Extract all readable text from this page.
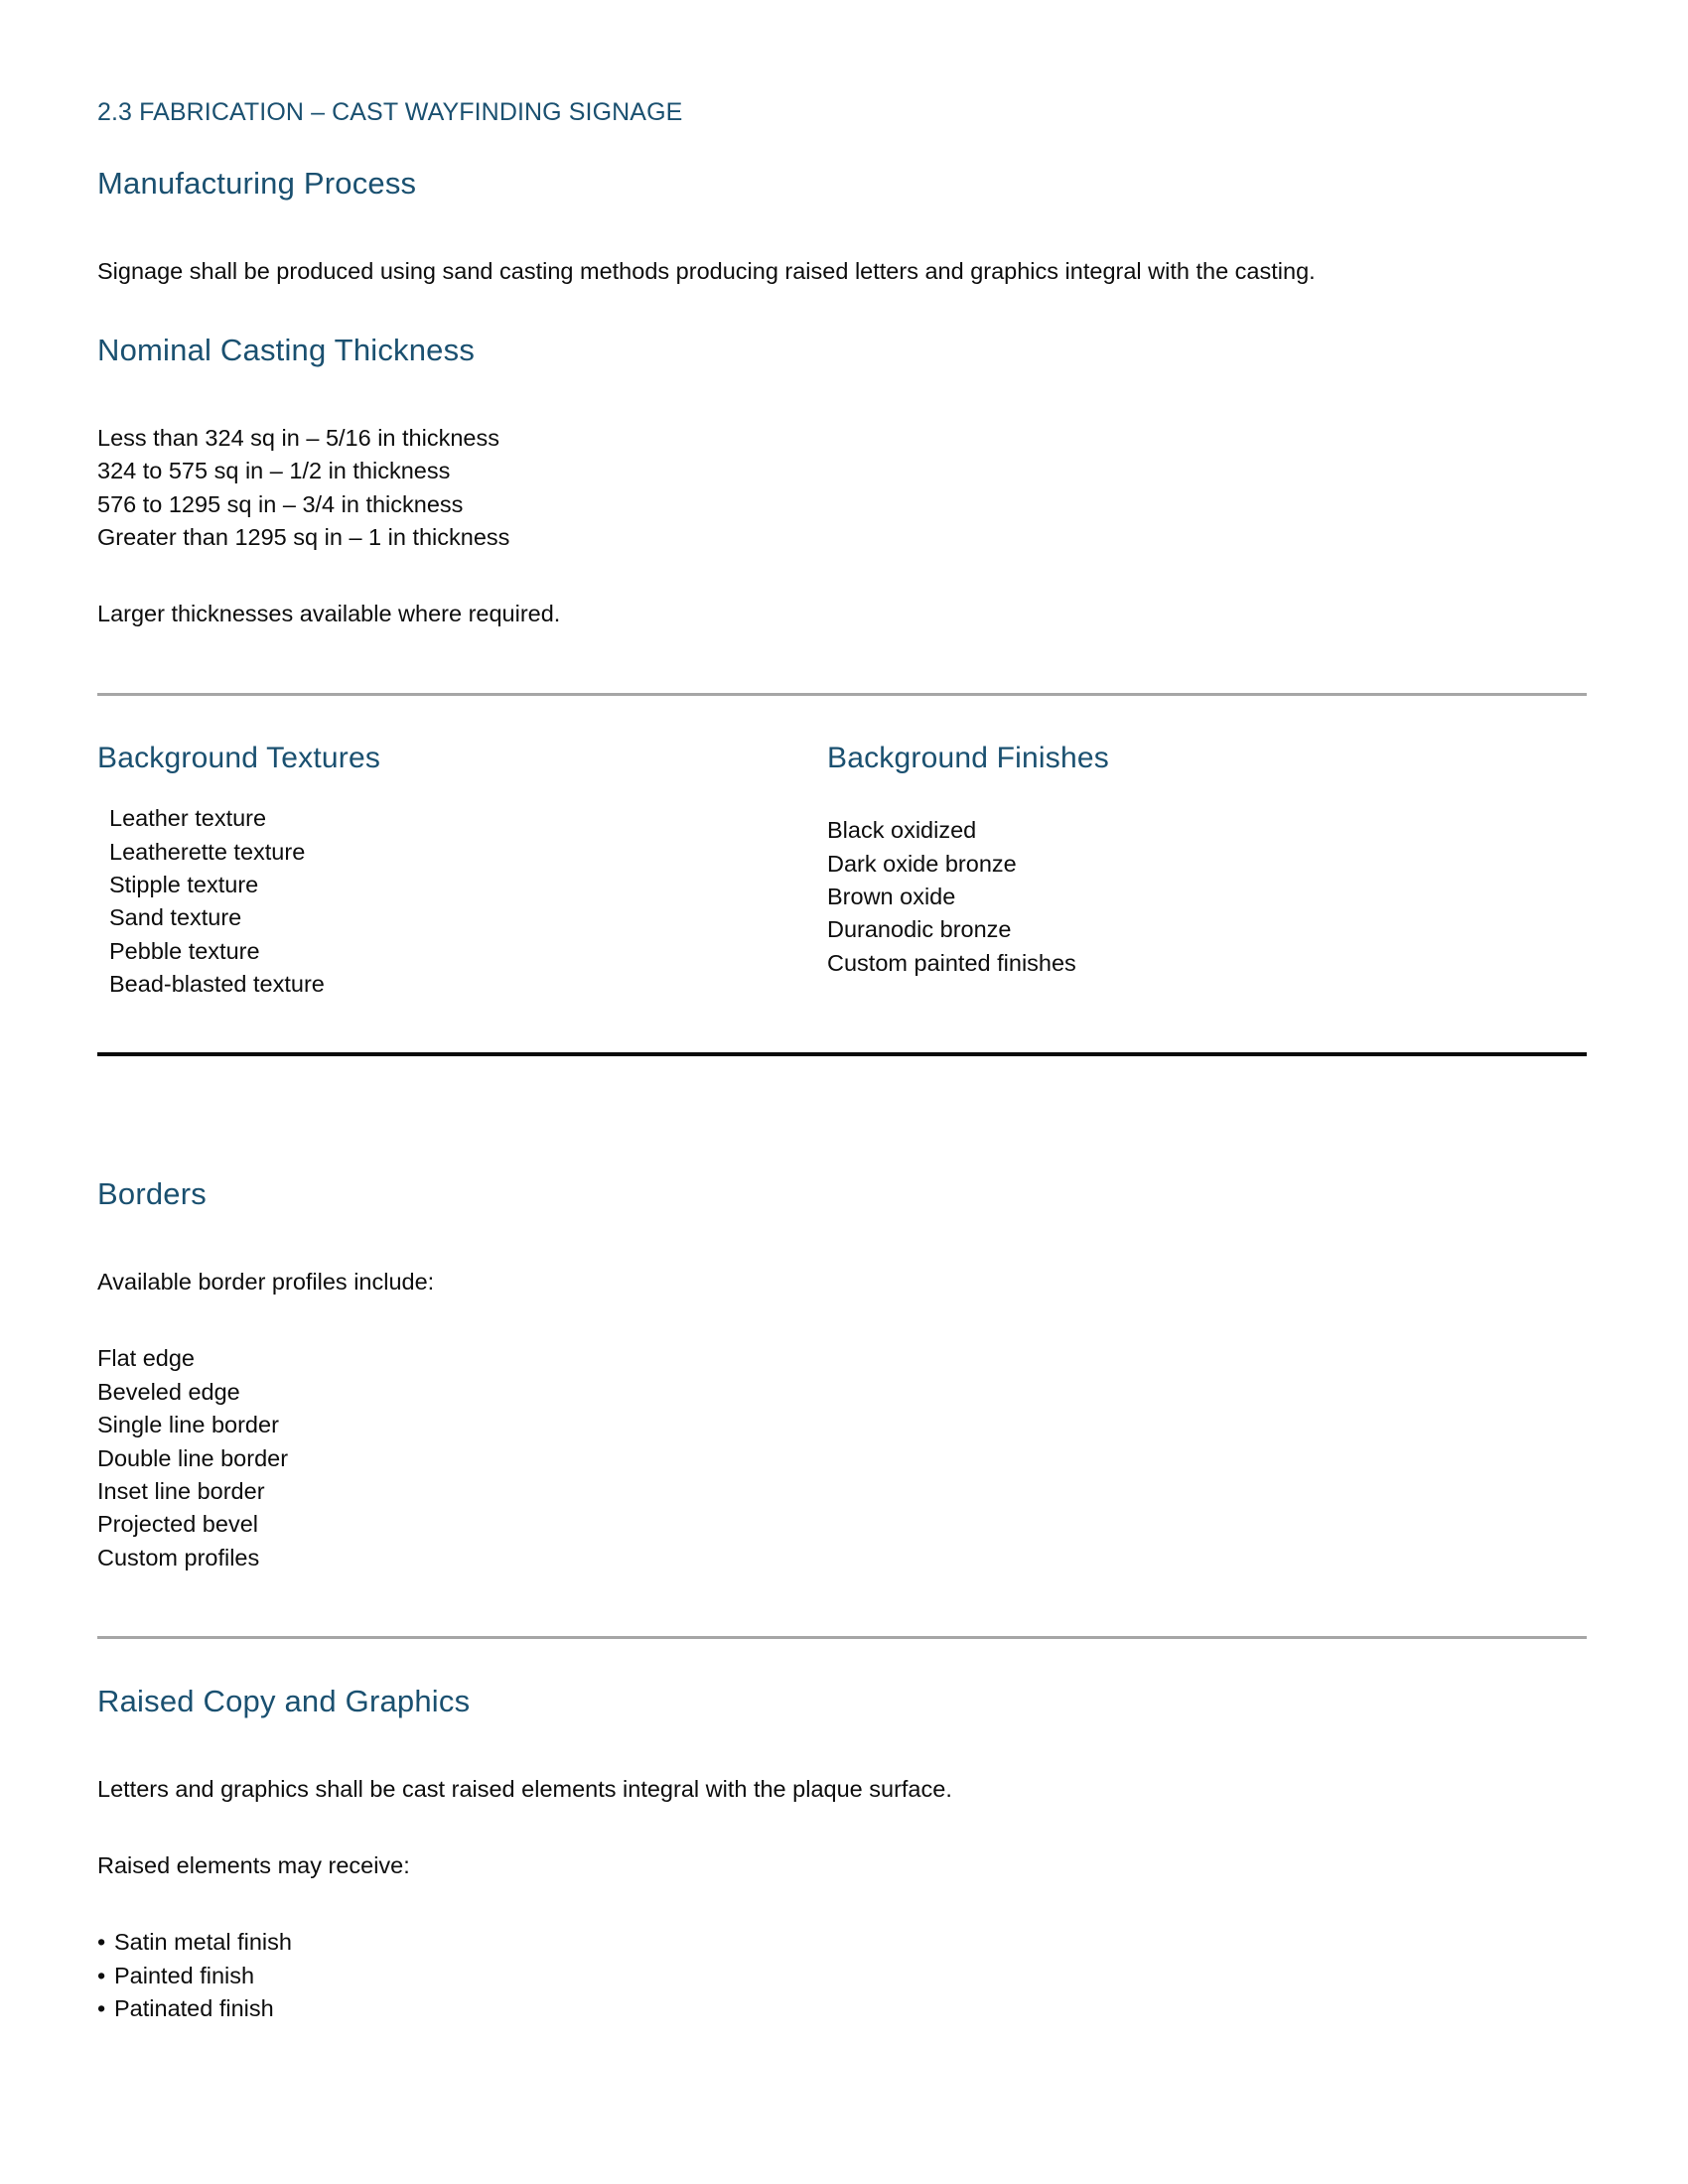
2.3 FABRICATION – CAST WAYFINDING SIGNAGE
Manufacturing Process

Signage shall be produced using sand casting methods producing raised letters and graphics integral with the casting.

Nominal Casting Thickness
Less than 324 sq in – 5/16 in thickness
324 to 575 sq in – 1/2 in thickness
576 to 1295 sq in – 3/4 in thickness
Greater than 1295 sq in – 1 in thickness

Larger thicknesses available where required.

Background Textures
Leather texture
Leatherette texture
Stipple texture
Sand texture
Pebble texture
Bead-blasted texture
Background Finishes
Black oxidized
Dark oxide bronze
Brown oxide
Duranodic bronze
Custom painted finishes
Borders

Available border profiles include:

Flat edge
Beveled edge
Single line border
Double line border
Inset line border
Projected bevel
Custom profiles
Raised Copy and Graphics

Letters and graphics shall be cast raised elements integral with the plaque surface.

Raised elements may receive:

• Satin metal finish
• Painted finish
• Patinated finish
